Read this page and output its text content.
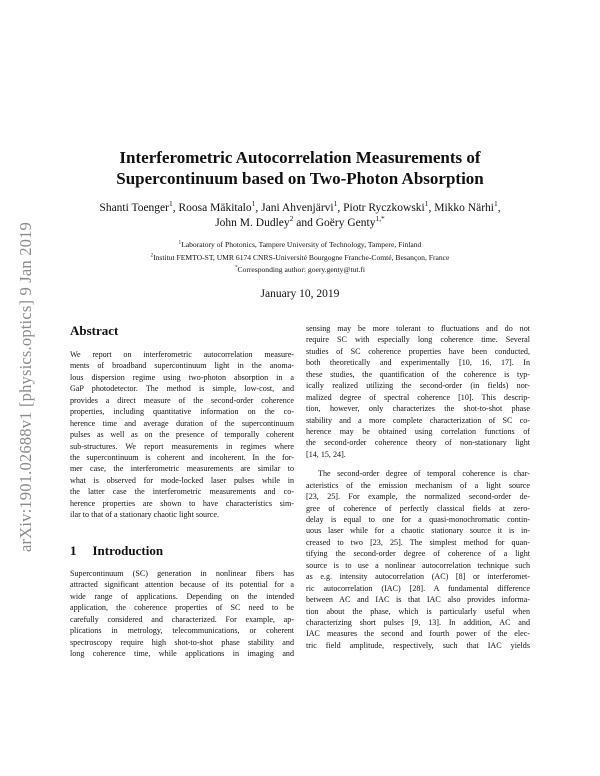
arXiv:1901.02688v1 [physics.optics] 9 Jan 2019
Interferometric Autocorrelation Measurements of
Supercontinuum based on Two-Photon Absorption
Shanti Toenger$^1$, Roosa Mäkitalo$^1$, Jani Ahvenjärvi$^1$, Piotr Ryczkowski$^1$, Mikko Närhi$^1$,
John M. Dudley$^2$ and Goëry Genty$^{1,*}$
$^1$Laboratory of Photonics, Tampere University of Technology, Tampere, Finland
$^2$Institut FEMTO-ST, UMR 6174 CNRS-Université Bourgogne Franche-Comté, Besançon, France
*Corresponding author: goery.genty@tut.fi
January 10, 2019
Abstract
We report on interferometric autocorrelation measure-
ments of broadband supercontinuum light in the anoma-
lous dispersion regime using two-photon absorption in a
GaP photodetector. The method is simple, low-cost, and
provides a direct measure of the second-order coherence
properties, including quantitative information on the co-
herence time and average duration of the supercontinuum
pulses as well as on the presence of temporally coherent
sub-structures. We report measurements in regimes where
the supercontinuum is coherent and incoherent. In the for-
mer case, the interferometric measurements are similar to
what is observed for mode-locked laser pulses while in
the latter case the interferometric measurements and co-
herence properties are shown to have characteristics sim-
ilar to that of a stationary chaotic light source.
1 Introduction
Supercontinuum (SC) generation in nonlinear fibers has
attracted significant attention because of its potential for a
wide range of applications. Depending on the intended
application, the coherence properties of SC need to be
carefully considered and characterized. For example, ap-
plications in metrology, telecommunications, or coherent
spectroscopy require high shot-to-shot phase stability and
long coherence time, while applications in imaging and
sensing may be more tolerant to fluctuations and do not
require SC with especially long coherence time. Several
studies of SC coherence properties have been conducted,
both theoretically and experimentally [10, 16, 17]. In
these studies, the quantification of the coherence is typ-
ically realized utilizing the second-order (in fields) nor-
malized degree of spectral coherence [10]. This descrip-
tion, however, only characterizes the shot-to-shot phase
stability and a more complete characterization of SC co-
herence may be obtained using correlation functions of
the second-order coherence theory of non-stationary light
[14, 15, 24].
The second-order degree of temporal coherence is char-
acteristics of the emission mechanism of a light source
[23, 25]. For example, the normalized second-order de-
gree of coherence of perfectly classical fields at zero-
delay is equal to one for a quasi-monochromatic contin-
uous laser while for a chaotic stationary source it is in-
creased to two [23, 25]. The simplest method for quan-
tifying the second-order degree of coherence of a light
source is to use a nonlinear autocorrelation technique such
as e.g. intensity autocorrelation (AC) [8] or interferomet-
ric autocorrelation (IAC) [28]. A fundamental difference
between AC and IAC is that IAC also provides informa-
tion about the phase, which is particularly useful when
characterizing short pulses [9, 13]. In addition, AC and
IAC measures the second and fourth power of the elec-
tric field amplitude, respectively, such that IAC yields
